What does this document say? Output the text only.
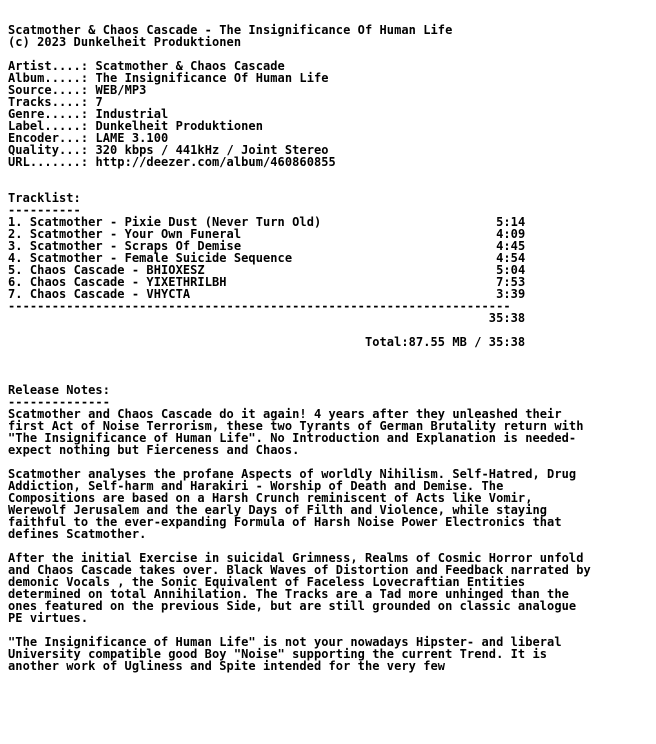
Scatmother & Chaos Cascade - The Insignificance Of Human Life
(c) 2023 Dunkelheit Produktionen

Artist....: Scatmother & Chaos Cascade
Album.....: The Insignificance Of Human Life
Source....: WEB/MP3
Tracks....: 7
Genre.....: Industrial
Label.....: Dunkelheit Produktionen
Encoder...: LAME 3.100
Quality...: 320 kbps / 441kHz / Joint Stereo
URL.......: http://deezer.com/album/460860855

Tracklist:
----------
1. Scatmother - Pixie Dust (Never Turn Old)	5:14
2. Scatmother - Your Own Funeral	4:09
3. Scatmother - Scraps Of Demise	4:45
4. Scatmother - Female Suicide Sequence	4:54
5. Chaos Cascade - BHIOXESZ	5:04
6. Chaos Cascade - YIXETHRILBH	7:53
7. Chaos Cascade - VHYCTA	3:39
---------------------------------------------------------------------
35:38

Total:87.55 MB / 35:38

Release Notes:
--------------
Scatmother and Chaos Cascade do it again! 4 years after they unleashed their
first Act of Noise Terrorism, these two Tyrants of German Brutality return with
"The Insignificance of Human Life". No Introduction and Explanation is needed-
expect nothing but Fierceness and Chaos.

Scatmother analyses the profane Aspects of worldly Nihilism. Self-Hatred, Drug
Addiction, Self-harm and Harakiri - Worship of Death and Demise. The
Compositions are based on a Harsh Crunch reminiscent of Acts like Vomir,
Werewolf Jerusalem and the early Days of Filth and Violence, while staying
faithful to the ever-expanding Formula of Harsh Noise Power Electronics that
defines Scatmother.

After the initial Exercise in suicidal Grimness, Realms of Cosmic Horror unfold
and Chaos Cascade takes over. Black Waves of Distortion and Feedback narrated by
demonic Vocals , the Sonic Equivalent of Faceless Lovecraftian Entities
determined on total Annihilation. The Tracks are a Tad more unhinged than the
ones featured on the previous Side, but are still grounded on classic analogue
PE virtues.

"The Insignificance of Human Life" is not your nowadays Hipster- and liberal
University compatible good Boy "Noise" supporting the current Trend. It is
another work of Ugliness and Spite intended for the very few
